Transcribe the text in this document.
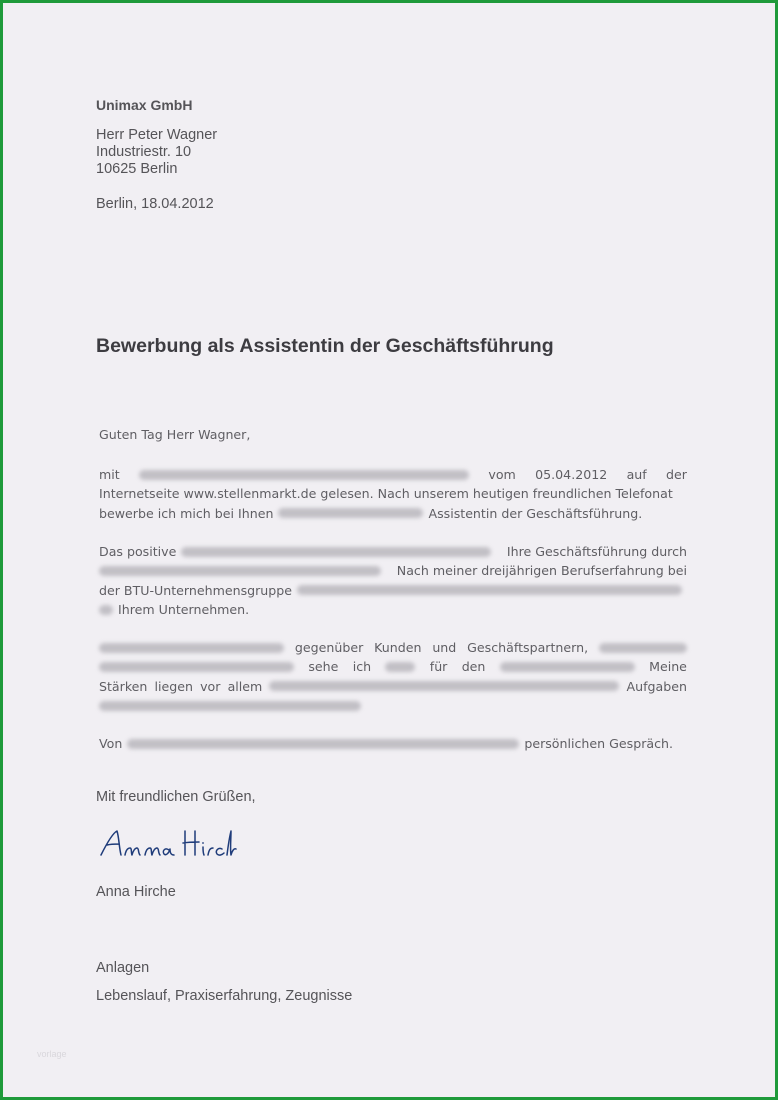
Unimax GmbH
Herr Peter Wagner
Industriestr. 10
10625 Berlin
Berlin, 18.04.2012
Bewerbung als Assistentin der Geschäftsführung
Guten Tag Herr Wagner,
mit	vom 05.04.2012 auf der
Internetseite www.stellenmarkt.de gelesen. Nach unserem heutigen freundlichen Telefonat
bewerbe ich mich bei Ihnen	Assistentin der Geschäftsführung.
Das positive	Ihre Geschäftsführung durch
Nach meiner dreijährigen Berufserfahrung bei
der BTU-Unternehmensgruppe
Ihrem Unternehmen.
gegenüber Kunden und Geschäftspartnern,
sehe ich	für den	Meine
Stärken liegen vor allem	Aufgaben
Von	persönlichen Gespräch.
Mit freundlichen Grüßen,
Anna Hirche
Anlagen
Lebenslauf, Praxiserfahrung, Zeugnisse
vorlage
